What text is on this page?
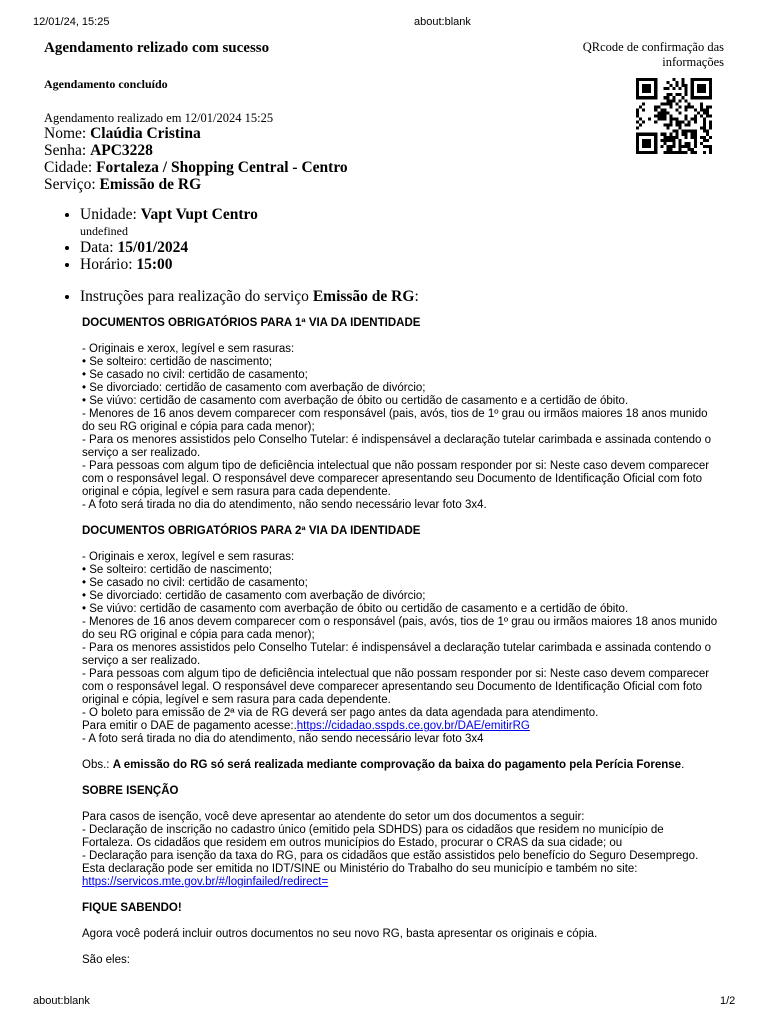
12/01/24, 15:25	about:blank
Agendamento relizado com sucesso	QRcode de confirmação das informações
Agendamento concluído
Agendamento realizado em 12/01/2024 15:25
Nome: Claúdia Cristina
Senha: APC3228
Cidade: Fortaleza / Shopping Central - Centro
Serviço: Emissão de RG
• Unidade: Vapt Vupt Centro
undefined
• Data: 15/01/2024
• Horário: 15:00
• Instruções para realização do serviço Emissão de RG:

DOCUMENTOS OBRIGATÓRIOS PARA 1ª VIA DA IDENTIDADE

- Originais e xerox, legível e sem rasuras:

• Se solteiro: certidão de nascimento;

• Se casado no civil: certidão de casamento;

• Se divorciado: certidão de casamento com averbação de divórcio;

• Se viúvo: certidão de casamento com averbação de óbito ou certidão de casamento e a certidão de óbito.

- Menores de 16 anos devem comparecer com responsável (pais, avós, tios de 1º grau ou irmãos maiores 18 anos munido

do seu RG original e cópia para cada menor);

- Para os menores assistidos pelo Conselho Tutelar: é indispensável a declaração tutelar carimbada e assinada contendo o

serviço a ser realizado.

- Para pessoas com algum tipo de deficiência intelectual que não possam responder por si: Neste caso devem comparecer

com o responsável legal. O responsável deve comparecer apresentando seu Documento de Identificação Oficial com foto

original e cópia, legível e sem rasura para cada dependente.

- A foto será tirada no dia do atendimento, não sendo necessário levar foto 3x4.

DOCUMENTOS OBRIGATÓRIOS PARA 2ª VIA DA IDENTIDADE

- Originais e xerox, legível e sem rasuras:

• Se solteiro: certidão de nascimento;

• Se casado no civil: certidão de casamento;

• Se divorciado: certidão de casamento com averbação de divórcio;

• Se viúvo: certidão de casamento com averbação de óbito ou certidão de casamento e a certidão de óbito.

- Menores de 16 anos devem comparecer com o responsável (pais, avós, tios de 1º grau ou irmãos maiores 18 anos munido

do seu RG original e cópia para cada menor);

- Para os menores assistidos pelo Conselho Tutelar: é indispensável a declaração tutelar carimbada e assinada contendo o

serviço a ser realizado.

- Para pessoas com algum tipo de deficiência intelectual que não possam responder por si: Neste caso devem comparecer

com o responsável legal. O responsável deve comparecer apresentando seu Documento de Identificação Oficial com foto

original e cópia, legível e sem rasura para cada dependente.

- O boleto para emissão de 2ª via de RG deverá ser pago antes da data agendada para atendimento.

Para emitir o DAE de pagamento acesse:.https://cidadao.sspds.ce.gov.br/DAE/emitirRG

- A foto será tirada no dia do atendimento, não sendo necessário levar foto 3x4

Obs.: A emissão do RG só será realizada mediante comprovação da baixa do pagamento pela Perícia Forense.

SOBRE ISENÇÃO

Para casos de isenção, você deve apresentar ao atendente do setor um dos documentos a seguir:

- Declaração de inscrição no cadastro único (emitido pela SDHDS) para os cidadãos que residem no município de

Fortaleza. Os cidadãos que residem em outros municípios do Estado, procurar o CRAS da sua cidade; ou

- Declaração para isenção da taxa do RG, para os cidadãos que estão assistidos pelo benefício do Seguro Desemprego.

Esta declaração pode ser emitida no IDT/SINE ou Ministério do Trabalho do seu município e também no site:

https://servicos.mte.gov.br/#/loginfailed/redirect=

FIQUE SABENDO!

Agora você poderá incluir outros documentos no seu novo RG, basta apresentar os originais e cópia.

São eles:

about:blank	1/2
